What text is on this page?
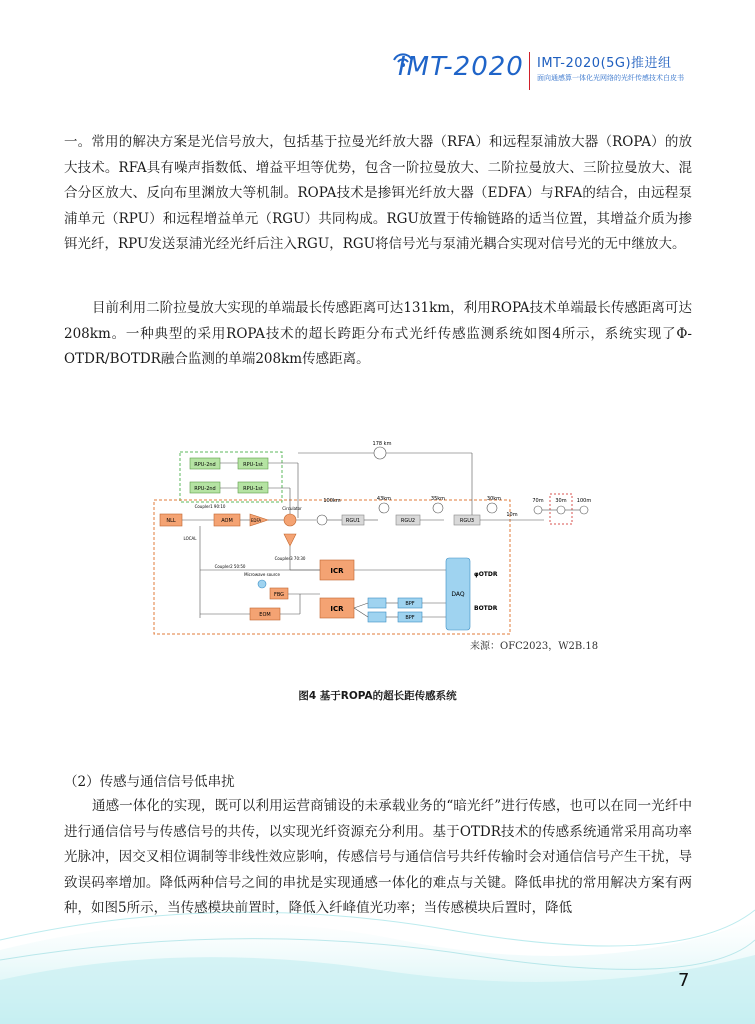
IMT-2020 IMT-2020(5G)推进组
面向通感算一体化光网络的光纤传感技术白皮书
一。常用的解决方案是光信号放大，包括基于拉曼光纤放大器（RFA）和远程泵浦放大器（ROPA）的放大技术。RFA具有噪声指数低、增益平坦等优势，包含一阶拉曼放大、二阶拉曼放大、三阶拉曼放大、混合分区放大、反向布里渊放大等机制。ROPA技术是掺铒光纤放大器（EDFA）与RFA的结合，由远程泵浦单元（RPU）和远程增益单元（RGU）共同构成。RGU放置于传输链路的适当位置，其增益介质为掺铒光纤，RPU发送泵浦光经光纤后注入RGU，RGU将信号光与泵浦光耦合实现对信号光的无中继放大。
目前利用二阶拉曼放大实现的单端最长传感距离可达131km，利用ROPA技术单端最长传感距离可达208km。一种典型的采用ROPA技术的超长跨距分布式光纤传感监测系统如图4所示，系统实现了Φ-OTDR/BOTDR融合监测的单端208km传感距离。
RPU-2nd	RPU-1st
RPU-2nd	RPU-1st
178 km
NLL
Coupler1 90:10
AOM	EDFA
Circulator
100km
RGU1
43km
RGU2
35km
RGU3
30km
10m
70m 30m 100m
LOCAL
Coupler3 70:30
ICR
Coupler2 50:50
FBG
Microwave source
EOM
ICR
BPF
BPF
DAQ
φOTDR
BOTDR
来源：OFC2023，W2B.18
图4 基于ROPA的超长距传感系统
（2）传感与通信信号低串扰
通感一体化的实现，既可以利用运营商铺设的未承载业务的“暗光纤”进行传感，也可以在同一光纤中进行通信信号与传感信号的共传，以实现光纤资源充分利用。基于OTDR技术的传感系统通常采用高功率光脉冲，因交叉相位调制等非线性效应影响，传感信号与通信信号共纤传输时会对通信信号产生干扰，导致误码率增加。降低两种信号之间的串扰是实现通感一体化的难点与关键。降低串扰的常用解决方案有两种，如图5所示，当传感模块前置时，降低入纤峰值光功率；当传感模块后置时，降低
7
